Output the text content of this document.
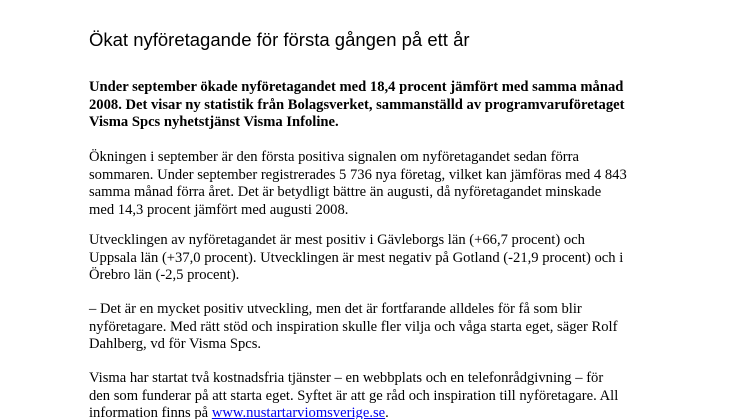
Ökat nyföretagande för första gången på ett år

Under september ökade nyföretagandet med 18,4 procent jämfört med samma månad
2008. Det visar ny statistik från Bolagsverket, sammanställd av programvaruföretaget
Visma Spcs nyhetstjänst Visma Infoline.

Ökningen i september är den första positiva signalen om nyföretagandet sedan förra
sommaren. Under september registrerades 5 736 nya företag, vilket kan jämföras med 4 843
samma månad förra året. Det är betydligt bättre än augusti, då nyföretagandet minskade
med 14,3 procent jämfört med augusti 2008.

Utvecklingen av nyföretagandet är mest positiv i Gävleborgs län (+66,7 procent) och
Uppsala län (+37,0 procent). Utvecklingen är mest negativ på Gotland (-21,9 procent) och i
Örebro län (-2,5 procent).

– Det är en mycket positiv utveckling, men det är fortfarande alldeles för få som blir
nyföretagare. Med rätt stöd och inspiration skulle fler vilja och våga starta eget, säger Rolf
Dahlberg, vd för Visma Spcs.

Visma har startat två kostnadsfria tjänster – en webbplats och en telefonrådgivning – för
den som funderar på att starta eget. Syftet är att ge råd och inspiration till nyföretagare. All
information finns på www.nustartarviomsverige.se.
